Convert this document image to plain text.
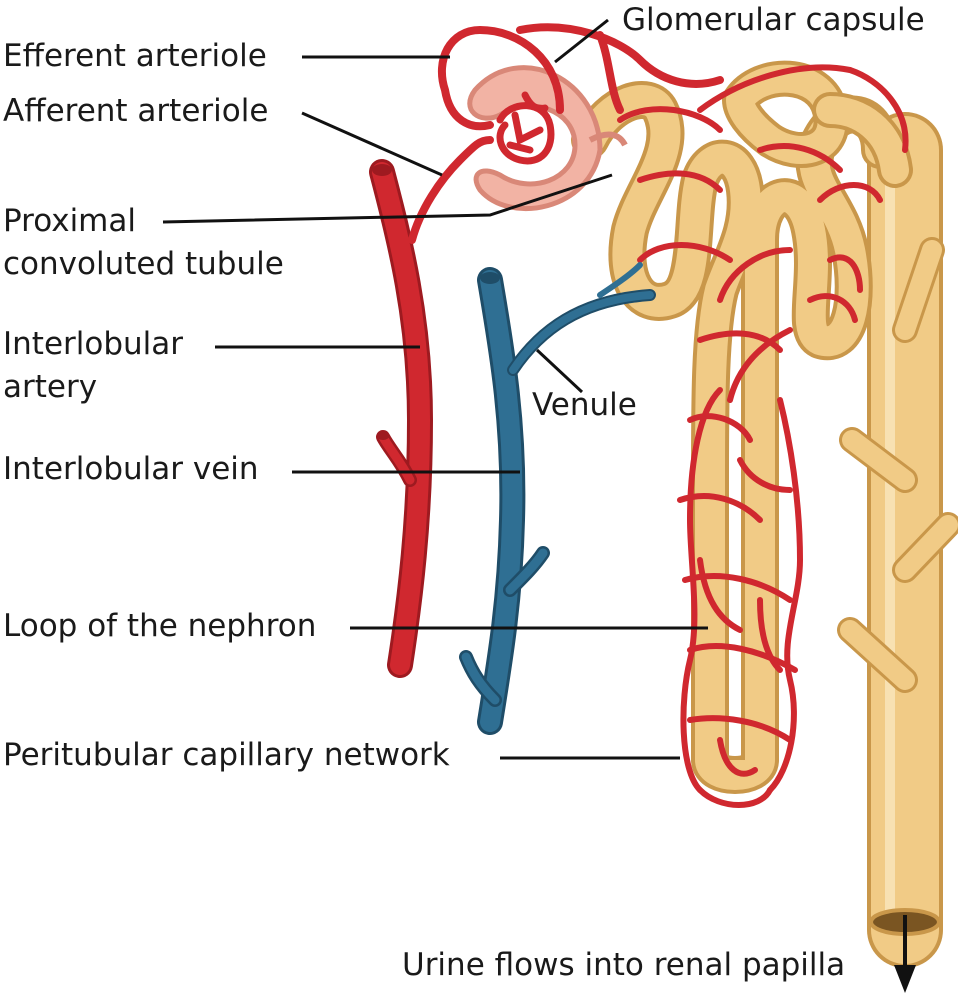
Glomerular capsule
Efferent arteriole
Afferent arteriole
Proximal
convoluted tubule
Interlobular
artery	Venule
Interlobular vein
Loop of the nephron
Peritubular capillary network
Urine flows into renal papilla
